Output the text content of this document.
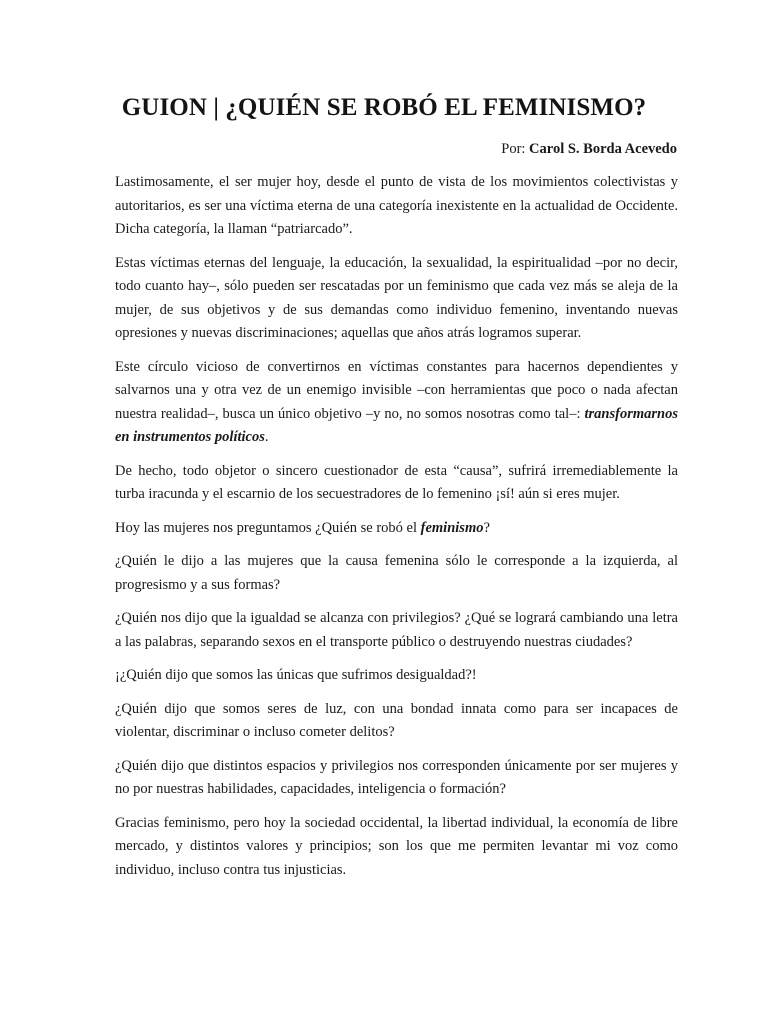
GUION | ¿QUIÉN SE ROBÓ EL FEMINISMO?
Por: Carol S. Borda Acevedo

Lastimosamente, el ser mujer hoy, desde el punto de vista de los movimientos colectivistas y autoritarios, es ser una víctima eterna de una categoría inexistente en la actualidad de Occidente. Dicha categoría, la llaman “patriarcado”.

Estas víctimas eternas del lenguaje, la educación, la sexualidad, la espiritualidad –por no decir, todo cuanto hay–, sólo pueden ser rescatadas por un feminismo que cada vez más se aleja de la mujer, de sus objetivos y de sus demandas como individuo femenino, inventando nuevas opresiones y nuevas discriminaciones; aquellas que años atrás logramos superar.

Este círculo vicioso de convertirnos en víctimas constantes para hacernos dependientes y salvarnos una y otra vez de un enemigo invisible –con herramientas que poco o nada afectan nuestra realidad–, busca un único objetivo –y no, no somos nosotras como tal–: transformarnos en instrumentos políticos.

De hecho, todo objetor o sincero cuestionador de esta “causa”, sufrirá irremediablemente la turba iracunda y el escarnio de los secuestradores de lo femenino ¡sí! aún si eres mujer.

Hoy las mujeres nos preguntamos ¿Quién se robó el feminismo?

¿Quién le dijo a las mujeres que la causa femenina sólo le corresponde a la izquierda, al progresismo y a sus formas?

¿Quién nos dijo que la igualdad se alcanza con privilegios? ¿Qué se logrará cambiando una letra a las palabras, separando sexos en el transporte público o destruyendo nuestras ciudades?

¡¿Quién dijo que somos las únicas que sufrimos desigualdad?!

¿Quién dijo que somos seres de luz, con una bondad innata como para ser incapaces de violentar, discriminar o incluso cometer delitos?

¿Quién dijo que distintos espacios y privilegios nos corresponden únicamente por ser mujeres y no por nuestras habilidades, capacidades, inteligencia o formación?

Gracias feminismo, pero hoy la sociedad occidental, la libertad individual, la economía de libre mercado, y distintos valores y principios; son los que me permiten levantar mi voz como individuo, incluso contra tus injusticias.
